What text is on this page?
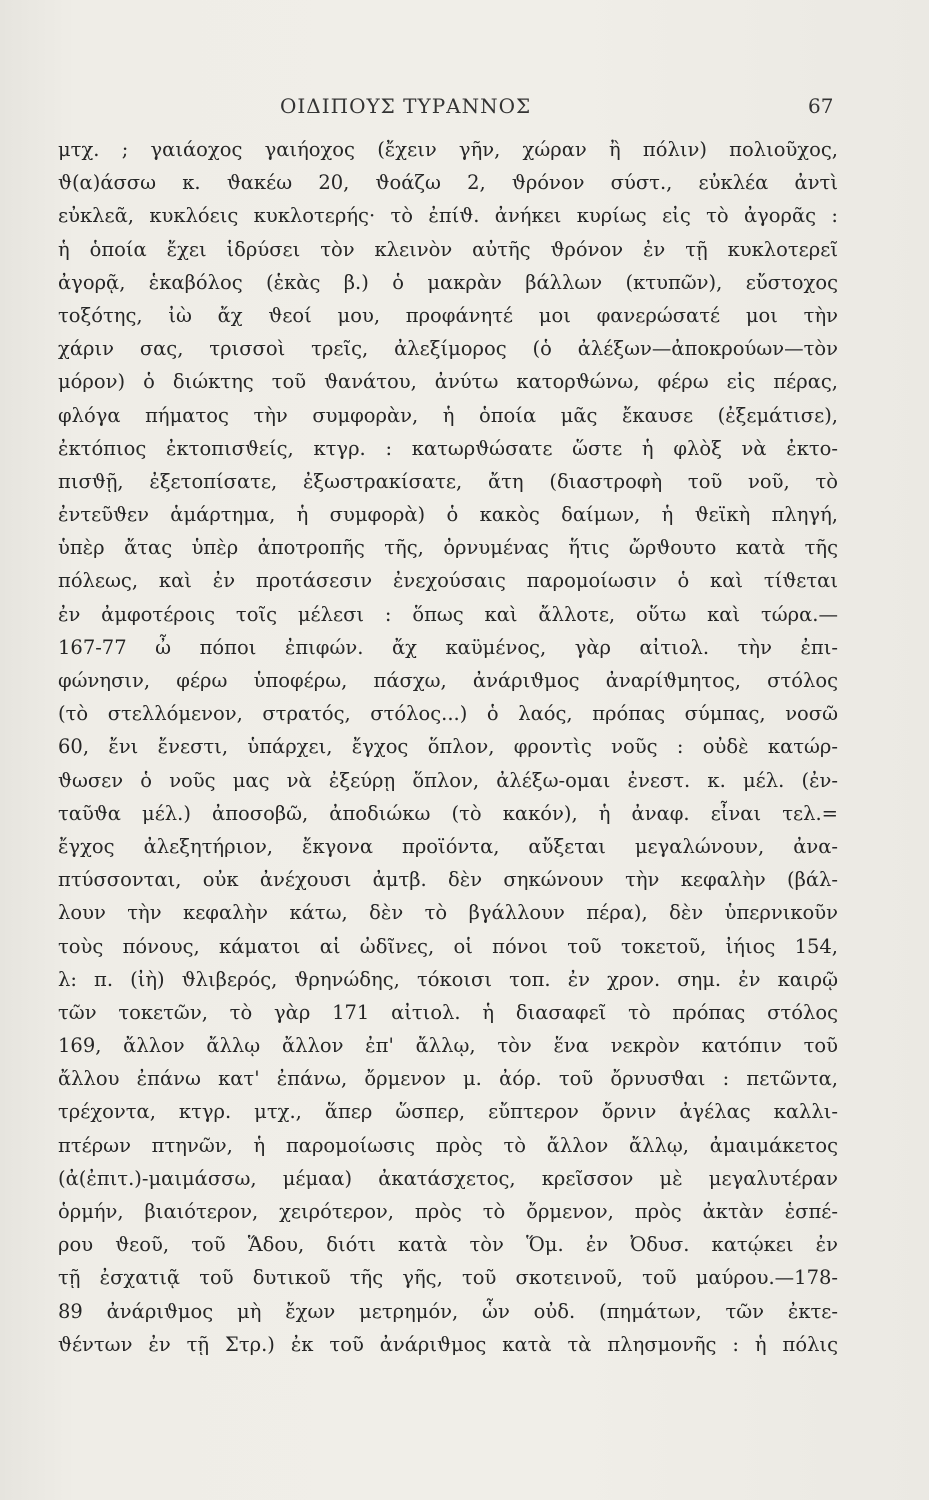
ΟΙΔΙΠΟΥΣ ΤΥΡΑΝΝΟΣ	67
μτχ. ; γαιάοχος γαιήοχος (ἔχειν γῆν, χώραν ἢ πόλιν) πολιοῦχος,
ϑ(α)άσσω κ. ϑακέω 20, ϑοάζω 2, ϑρόνον σύστ., εὐκλέα ἀντὶ
εὐκλεᾶ, κυκλόεις κυκλοτερής· τὸ ἐπίϑ. ἀνήκει κυρίως εἰς τὸ ἀγορᾶς :
ἡ ὁποία ἔχει ἱδρύσει τὸν κλεινὸν αὐτῆς ϑρόνον ἐν τῇ κυκλοτερεῖ
ἀγορᾷ, ἑκαβόλος (ἑκὰς β.) ὁ μακρὰν βάλλων (κτυπῶν), εὔστοχος
τοξότης, ἰὼ ἄχ ϑεοί μου, προφάνητέ μοι φανερώσατέ μοι τὴν
χάριν σας, τρισσοὶ τρεῖς, ἀλεξίμορος (ὁ ἀλέξων—ἀποκρούων—τὸν
μόρον) ὁ διώκτης τοῦ ϑανάτου, ἀνύτω κατορϑώνω, φέρω εἰς πέρας,
φλόγα πήματος τὴν συμφορὰν, ἡ ὁποία μᾶς ἔκαυσε (ἐξεμάτισε),
ἐκτόπιος ἐκτοπισϑείς, κτγρ. : κατωρϑώσατε ὥστε ἡ φλὸξ νὰ ἐκτο-
πισϑῇ, ἐξετοπίσατε, ἐξωστρακίσατε, ἄτη (διαστροφὴ τοῦ νοῦ, τὸ
ἐντεῦϑεν ἁμάρτημα, ἡ συμφορὰ) ὁ κακὸς δαίμων, ἡ ϑεϊκὴ πληγή,
ὑπὲρ ἄτας ὑπὲρ ἀποτροπῆς τῆς, ὀρνυμένας ἥτις ὤρϑουτο κατὰ τῆς
πόλεως, καὶ ἐν προτάσεσιν ἐνεχούσαις παρομοίωσιν ὁ καὶ τίϑεται
ἐν ἀμφοτέροις τοῖς μέλεσι : ὅπως καὶ ἄλλοτε, οὕτω καὶ τώρα.—
167-77 ὦ πόποι ἐπιφών. ἄχ καϋμένος, γὰρ αἰτιολ. τὴν ἐπι-
φώνησιν, φέρω ὑποφέρω, πάσχω, ἀνάριϑμος ἀναρίϑμητος, στόλος
(τὸ στελλόμενον, στρατός, στόλος...) ὁ λαός, πρόπας σύμπας, νοσῶ
60, ἔνι ἔνεστι, ὑπάρχει, ἔγχος ὅπλον, φροντὶς νοῦς : οὐδὲ κατώρ-
ϑωσεν ὁ νοῦς μας νὰ ἐξεύρῃ ὅπλον, ἀλέξω-ομαι ἐνεστ. κ. μέλ. (ἐν-
ταῦϑα μέλ.) ἀποσοβῶ, ἀποδιώκω (τὸ κακόν), ἡ ἀναφ. εἶναι τελ.=
ἔγχος ἀλεξητήριον, ἔκγονα προϊόντα, αὔξεται μεγαλώνουν, ἀνα-
πτύσσονται, οὐκ ἀνέχουσι ἀμτβ. δὲν σηκώνουν τὴν κεφαλὴν (βάλ-
λουν τὴν κεφαλὴν κάτω, δὲν τὸ βγάλλουν πέρα), δὲν ὑπερνικοῦν
τοὺς πόνους, κάματοι αἱ ὠδῖνες, οἱ πόνοι τοῦ τοκετοῦ, ἰήιος 154,
λ: π. (ἰὴ) ϑλιβερός, ϑρηνώδης, τόκοισι τοπ. ἐν χρον. σημ. ἐν καιρῷ
τῶν τοκετῶν, τὸ γὰρ 171 αἰτιολ. ἡ διασαφεῖ τὸ πρόπας στόλος
169, ἄλλον ἄλλῳ ἄλλον ἐπ' ἄλλῳ, τὸν ἕνα νεκρὸν κατόπιν τοῦ
ἄλλου ἐπάνω κατ' ἐπάνω, ὄρμενον μ. ἀόρ. τοῦ ὄρνυσϑαι : πετῶντα,
τρέχοντα, κτγρ. μτχ., ἅπερ ὥσπερ, εὔπτερον ὄρνιν ἀγέλας καλλι-
πτέρων πτηνῶν, ἡ παρομοίωσις πρὸς τὸ ἄλλον ἄλλῳ, ἀμαιμάκετος
(ἀ(ἐπιτ.)-μαιμάσσω, μέμαα) ἀκατάσχετος, κρεῖσσον μὲ μεγαλυτέραν
ὁρμήν, βιαιότερον, χειρότερον, πρὸς τὸ ὄρμενον, πρὸς ἀκτὰν ἑσπέ-
ρου ϑεοῦ, τοῦ Ἅδου, διότι κατὰ τὸν Ὅμ. ἐν Ὀδυσ. κατῴκει ἐν
τῇ ἐσχατιᾷ τοῦ δυτικοῦ τῆς γῆς, τοῦ σκοτεινοῦ, τοῦ μαύρου.—178-
89 ἀνάριϑμος μὴ ἔχων μετρημόν, ὧν οὐδ. (πημάτων, τῶν ἐκτε-
ϑέντων ἐν τῇ Στρ.) ἐκ τοῦ ἀνάριϑμος κατὰ τὰ πλησμονῆς : ἡ πόλις
